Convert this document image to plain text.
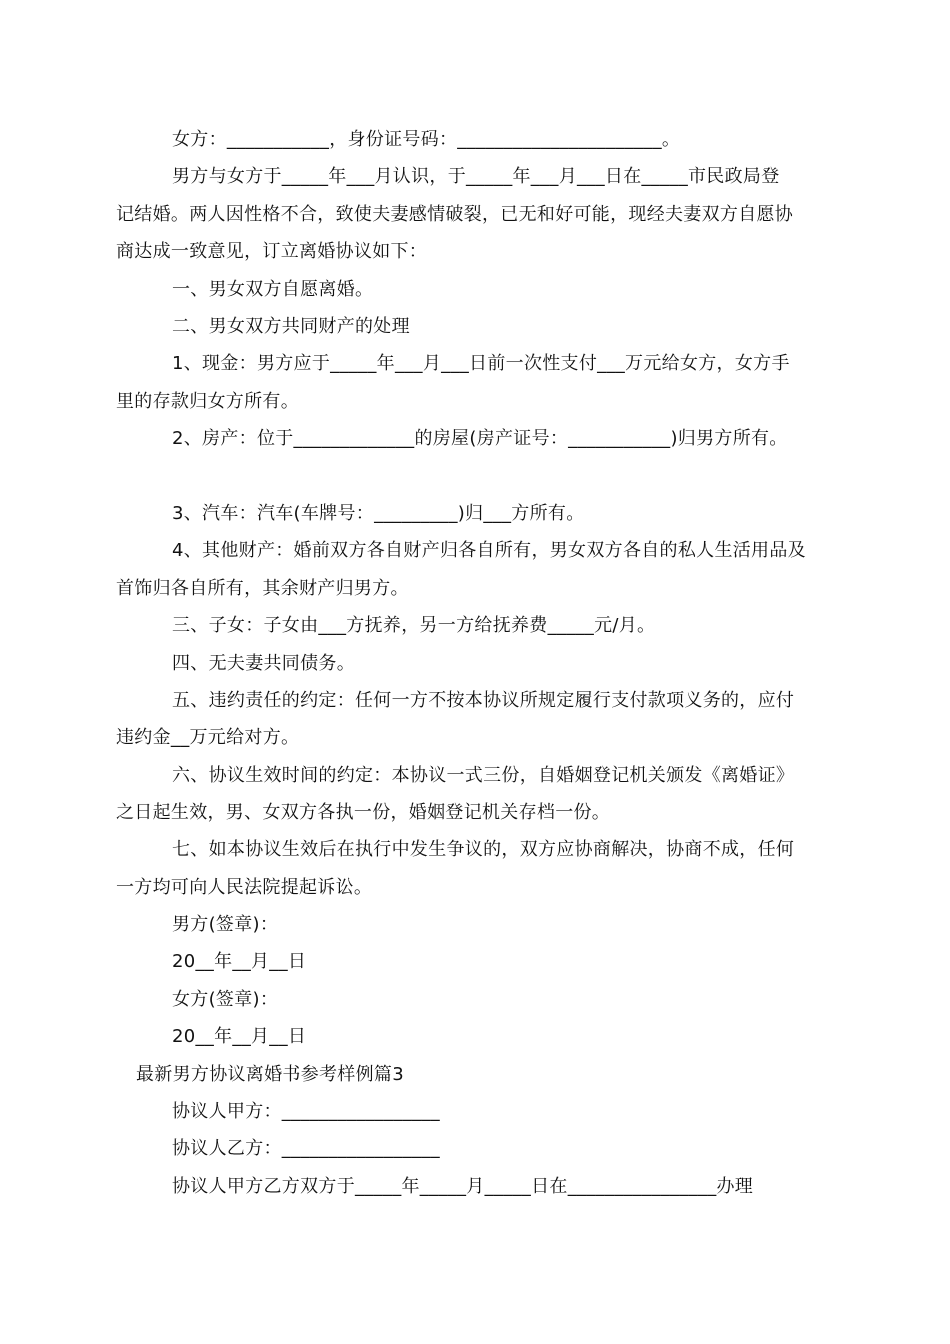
女方：___________，身份证号码：______________________。
男方与女方于_____年___月认识，于_____年___月___日在_____市民政局登
记结婚。两人因性格不合，致使夫妻感情破裂，已无和好可能，现经夫妻双方自愿协
商达成一致意见，订立离婚协议如下：
一、男女双方自愿离婚。
二、男女双方共同财产的处理
1、现金：男方应于_____年___月___日前一次性支付___万元给女方，女方手
里的存款归女方所有。
2、房产：位于_____________的房屋(房产证号：___________)归男方所有。
3、汽车：汽车(车牌号：_________)归___方所有。
4、其他财产：婚前双方各自财产归各自所有，男女双方各自的私人生活用品及
首饰归各自所有，其余财产归男方。
三、子女：子女由___方抚养，另一方给抚养费_____元/月。
四、无夫妻共同债务。
五、违约责任的约定：任何一方不按本协议所规定履行支付款项义务的，应付
违约金__万元给对方。
六、协议生效时间的约定：本协议一式三份，自婚姻登记机关颁发《离婚证》
之日起生效，男、女双方各执一份，婚姻登记机关存档一份。
七、如本协议生效后在执行中发生争议的，双方应协商解决，协商不成，任何
一方均可向人民法院提起诉讼。
男方(签章)：
20__年__月__日
女方(签章)：
20__年__月__日
最新男方协议离婚书参考样例篇3
协议人甲方：_________________
协议人乙方：_________________
协议人甲方乙方双方于_____年_____月_____日在________________办理
